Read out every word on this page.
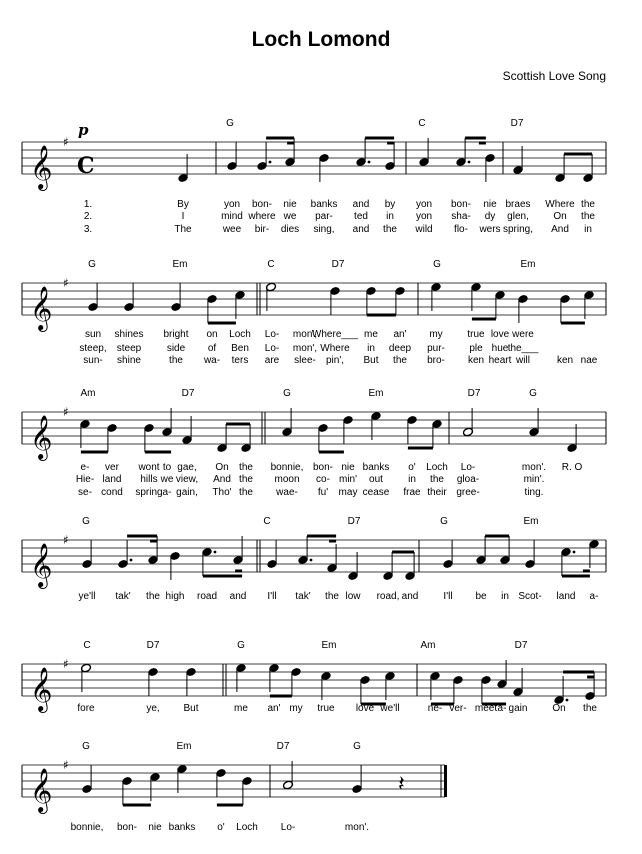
Loch Lomond
Scottish Love Song
𝄞
♯
C
p	G	C	D7
1.	By	yon bon- nie banks and by yon bon- nie braes Where the
2.	I	mind where we par- ted in yon sha- dy glen, On the
3.	The	wee bir- dies sing, and the wild flo- wers spring, And in
𝄞
♯
G	Em	C	D7	G	Em
sun shines bright on Loch Lo- mon',
Where___ me an' my true love were
steep, steep	side of Ben Lo- mon', Where in deep pur- ple hue the___
sun- shine	the wa- ters are slee- pin', But the bro- ken heart will	ken nae
𝄞
♯
Am	D7	G	Em	D7	G
e- ver wont to gae, On the bonnie, bon- nie banks o' Loch Lo-	mon'. R. O
Hie- land hills we view, And the moon co- min' out	in the gloa-	min'.
se- cond spring a- gain, Tho' the wae- fu' may cease frae their gree-	ting.
𝄞
♯
G	C	D7	G	Em
ye'll tak' the high road and I'll tak' the low road, and	I'll be in Scot- land a-
𝄞
♯
C	D7	G	Em	Am	D7
fore	ye, But	me an' my true love we'll	ne- ver- meet a- gain On the
𝄞
♯
𝄽
G	Em	D7	G
bonnie, bon- nie banks o' Loch Lo-	mon'.
